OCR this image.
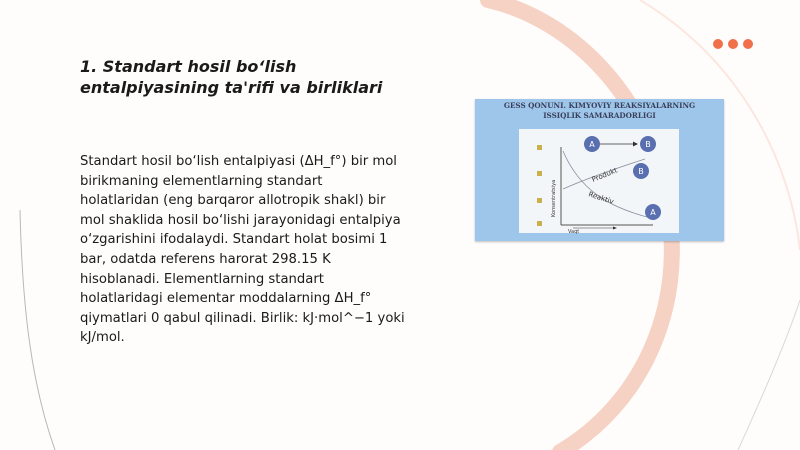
1. Standart hosil bo‘lish entalpiyasining ta'rifi va birliklari

Standart hosil bo‘lish entalpiyasi (ΔH_f°) bir mol birikmaning elementlarning standart holatlaridan (eng barqaror allotropik shakl) bir mol shaklida hosil bo‘lishi jarayonidagi entalpiya o‘zgarishini ifodalaydi. Standart holat bosimi 1 bar, odatda referens harorat 298.15 K hisoblanadi. Elementlarning standart holatlaridagi elementar moddalarning ΔH_f° qiymatlari 0 qabul qilinadi. Birlik: kJ·mol^−1 yoki kJ/mol.

GESS QONUNI. KIMYOVIY REAKSIYALARNING
ISSIQLIK SAMARADORLIGI
A	B
B
A
Produkt
Reaktiv
Konsentratsiya
Vaqt
